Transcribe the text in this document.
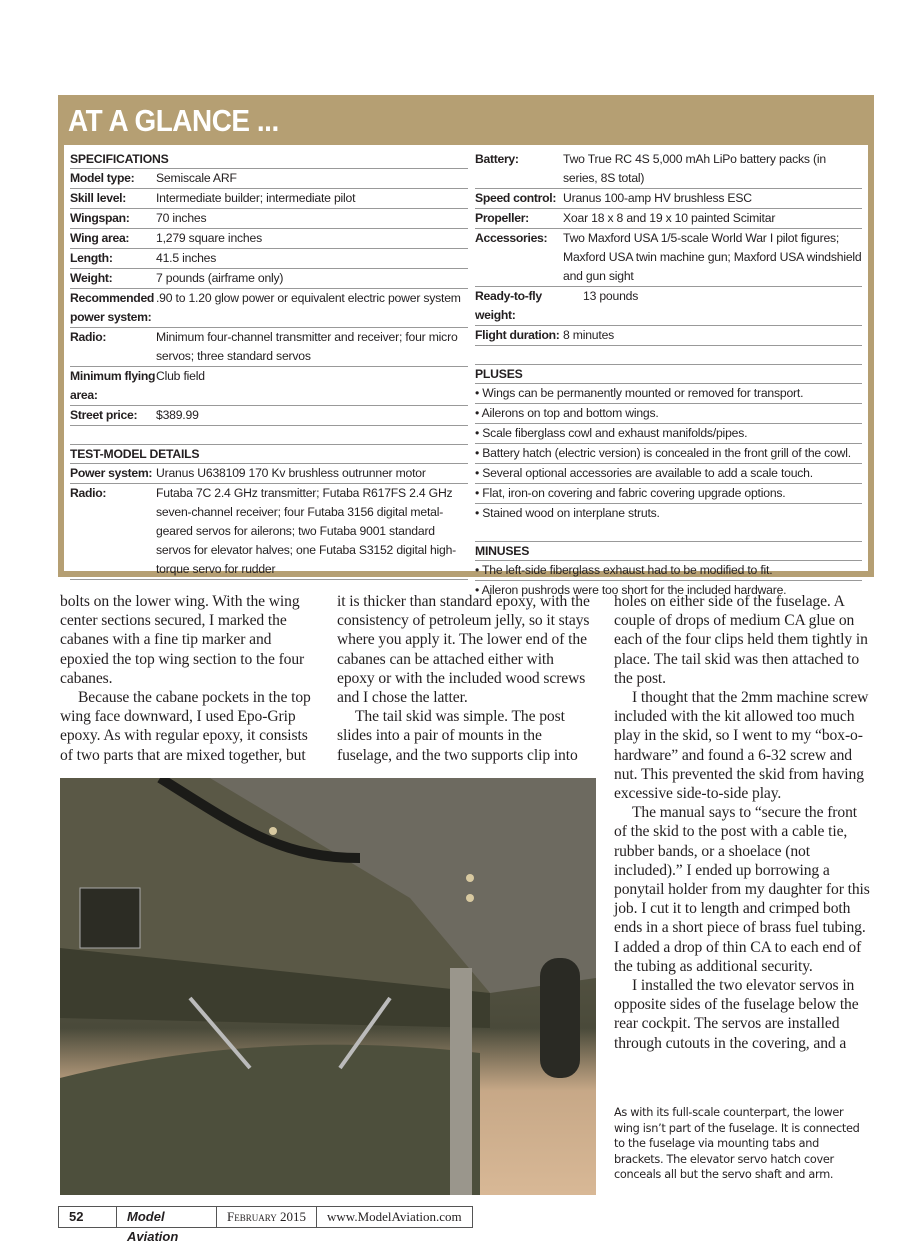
AT A GLANCE ...
SPECIFICATIONS
Model type:	Semiscale ARF
Skill level:	Intermediate builder; intermediate pilot
Wingspan:	70 inches
Wing area:	1,279 square inches
Length:	41.5 inches
Weight:	7 pounds (airframe only)
Recommended power system:
.90 to 1.20 glow power or equivalent electric power system
Radio:	Minimum four-channel transmitter and receiver; four micro servos; three standard servos
Minimum flying area:
Club field
Street price:	$389.99
TEST-MODEL DETAILS
Power system: Uranus U638109 170 Kv brushless outrunner motor
Radio:	Futaba 7C 2.4 GHz transmitter; Futaba R617FS 2.4 GHz seven-channel receiver; four Futaba 3156 digital metal-geared servos for ailerons; two Futaba 9001 standard servos for elevator halves; one Futaba S3152 digital high-torque servo for rudder
Battery:	Two True RC 4S 5,000 mAh LiPo battery packs (in series, 8S total)
Speed control: Uranus 100-amp HV brushless ESC
Propeller:	Xoar 18 x 8 and 19 x 10 painted Scimitar
Accessories:	Two Maxford USA 1/5-scale World War I pilot figures; Maxford USA twin machine gun; Maxford USA windshield and gun sight
Ready-to-fly weight:
13 pounds
Flight duration: 8 minutes
PLUSES
• Wings can be permanently mounted or removed for transport.
• Ailerons on top and bottom wings.
• Scale fiberglass cowl and exhaust manifolds/pipes.
• Battery hatch (electric version) is concealed in the front grill of the cowl.
• Several optional accessories are available to add a scale touch.
• Flat, iron-on covering and fabric covering upgrade options.
• Stained wood on interplane struts.
MINUSES
• The left-side fiberglass exhaust had to be modified to fit.
• Aileron pushrods were too short for the included hardware.

bolts on the lower wing. With the wing center sections secured, I marked the cabanes with a fine tip marker and epoxied the top wing section to the four cabanes.

Because the cabane pockets in the top wing face downward, I used Epo-Grip epoxy. As with regular epoxy, it consists of two parts that are mixed together, but

it is thicker than standard epoxy, with the consistency of petroleum jelly, so it stays where you apply it. The lower end of the cabanes can be attached either with epoxy or with the included wood screws and I chose the latter.

The tail skid was simple. The post slides into a pair of mounts in the fuselage, and the two supports clip into

holes on either side of the fuselage. A couple of drops of medium CA glue on each of the four clips held them tightly in place. The tail skid was then attached to the post.

I thought that the 2mm machine screw included with the kit allowed too much play in the skid, so I went to my “box-o-hardware” and found a 6-32 screw and nut. This prevented the skid from having excessive side-to-side play.

The manual says to “secure the front of the skid to the post with a cable tie, rubber bands, or a shoelace (not included).” I ended up borrowing a ponytail holder from my daughter for this job. I cut it to length and crimped both ends in a short piece of brass fuel tubing. I added a drop of thin CA to each end of the tubing as additional security.

I installed the two elevator servos in opposite sides of the fuselage below the rear cockpit. The servos are installed through cutouts in the covering, and a

As with its full-scale counterpart, the lower wing isn’t part of the fuselage. It is connected to the fuselage via mounting tabs and brackets. The elevator servo hatch cover conceals all but the servo shaft and arm.
52	Model Aviation
February 2015	www.ModelAviation.com
